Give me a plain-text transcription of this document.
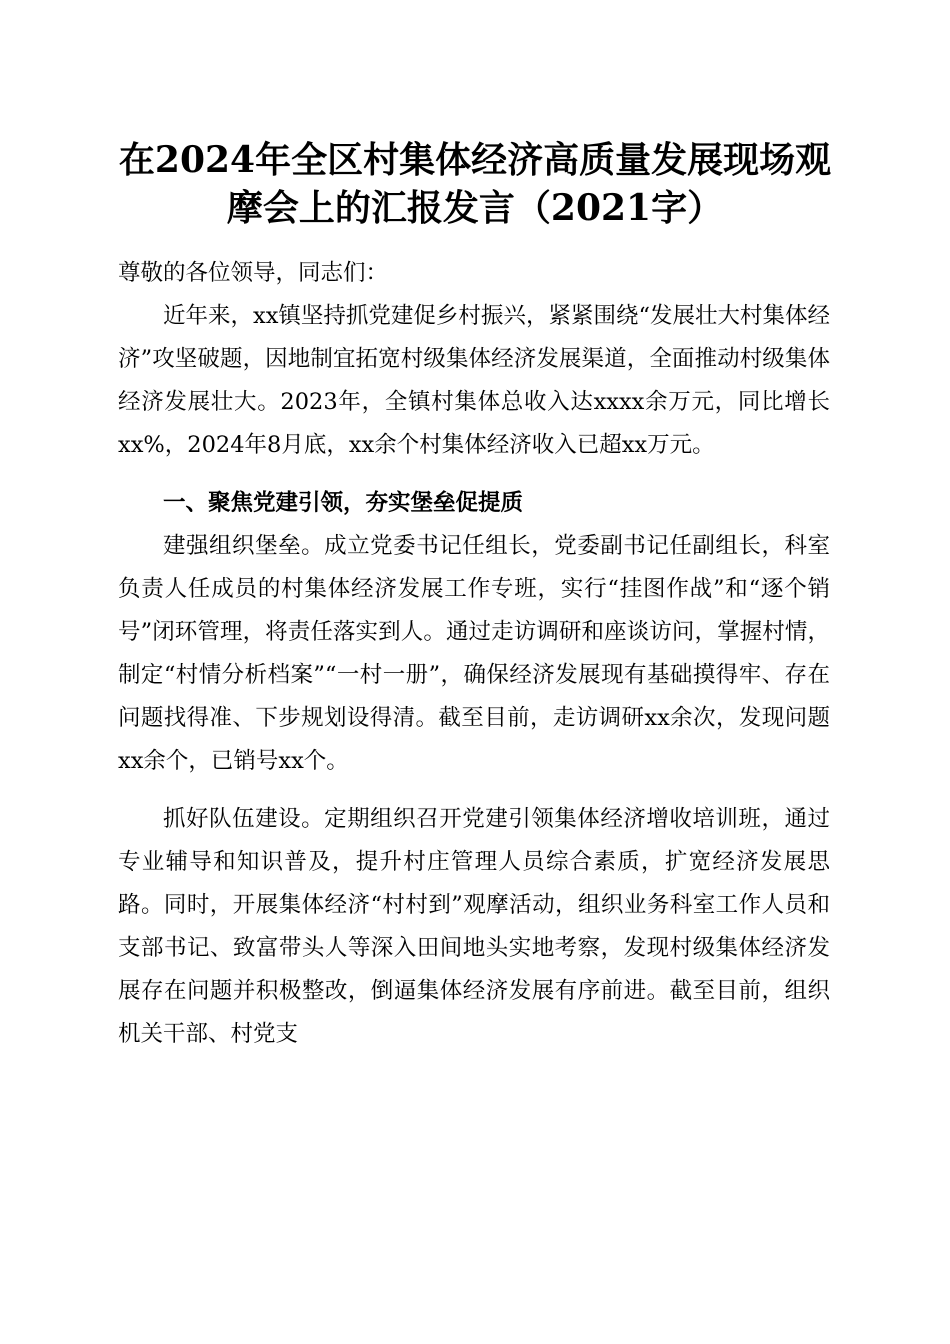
在2024年全区村集体经济高质量发展现场观
摩会上的汇报发言（2021字）

尊敬的各位领导，同志们：

近年来，xx镇坚持抓党建促乡村振兴，紧紧围绕“发展壮大村集体经济”攻坚破题，因地制宜拓宽村级集体经济发展渠道，全面推动村级集体经济发展壮大。2023年，全镇村集体总收入达xxxx余万元，同比增长xx%，2024年8月底，xx余个村集体经济收入已超xx万元。

一、聚焦党建引领，夯实堡垒促提质

建强组织堡垒。成立党委书记任组长，党委副书记任副组长，科室负责人任成员的村集体经济发展工作专班，实行“挂图作战”和“逐个销号”闭环管理，将责任落实到人。通过走访调研和座谈访问，掌握村情，制定“村情分析档案”“一村一册”，确保经济发展现有基础摸得牢、存在问题找得准、下步规划设得清。截至目前，走访调研xx余次，发现问题xx余个，已销号xx个。

抓好队伍建设。定期组织召开党建引领集体经济增收培训班，通过专业辅导和知识普及，提升村庄管理人员综合素质，扩宽经济发展思路。同时，开展集体经济“村村到”观摩活动，组织业务科室工作人员和支部书记、致富带头人等深入田间地头实地考察，发现村级集体经济发展存在问题并积极整改，倒逼集体经济发展有序前进。截至目前，组织机关干部、村党支
